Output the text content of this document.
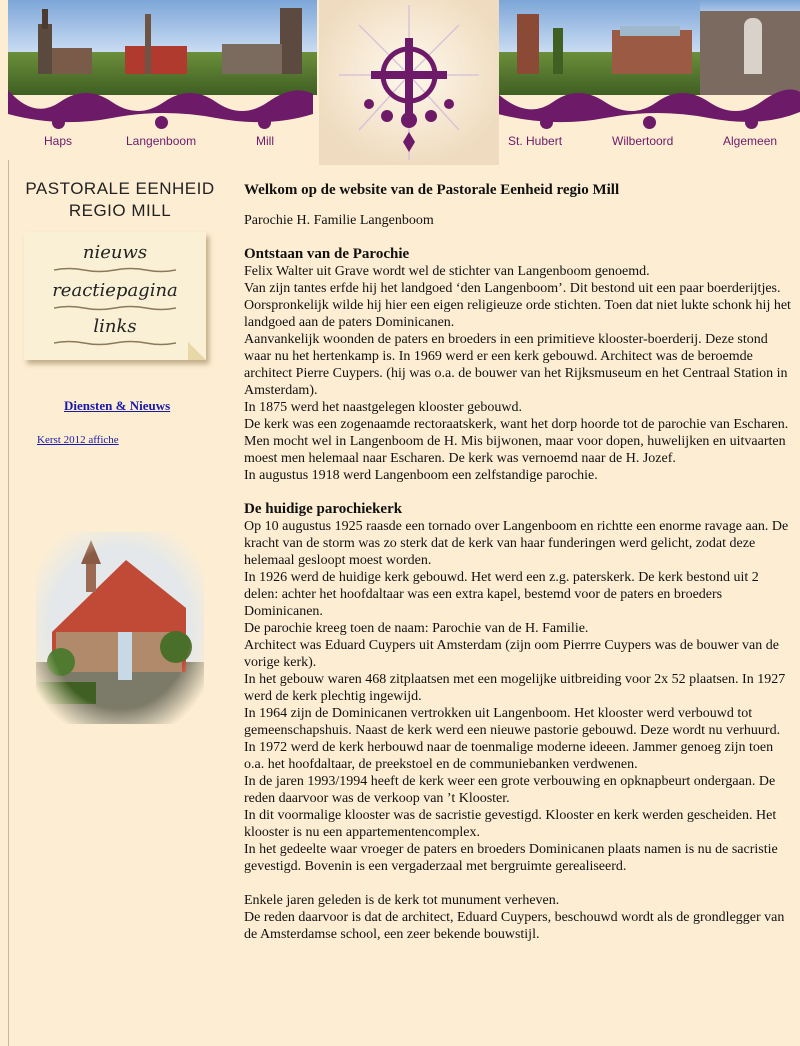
Haps	Langenboom	Mill	St. Hubert	Wilbertoord	Algemeen
PASTORALE EENHEID
REGIO MILL
nieuws
reactiepagina
links
Diensten & Nieuws
Kerst 2012 affiche
Welkom op de website van de Pastorale Eenheid regio Mill

Parochie H. Familie Langenboom

Ontstaan van de Parochie

Felix Walter uit Grave wordt wel de stichter van Langenboom genoemd.

Van zijn tantes erfde hij het landgoed ‘den Langenboom’. Dit bestond uit een paar boerderijtjes. Oorspronkelijk wilde hij hier een eigen religieuze orde stichten. Toen dat niet lukte schonk hij het landgoed aan de paters Dominicanen.

Aanvankelijk woonden de paters en broeders in een primitieve klooster-boerderij. Deze stond waar nu het hertenkamp is. In 1969 werd er een kerk gebouwd. Architect was de beroemde architect Pierre Cuypers. (hij was o.a. de bouwer van het Rijksmuseum en het Centraal Station in Amsterdam).

In 1875 werd het naastgelegen klooster gebouwd.

De kerk was een zogenaamde rectoraatskerk, want het dorp hoorde tot de parochie van Escharen. Men mocht wel in Langenboom de H. Mis bijwonen, maar voor dopen, huwelijken en uitvaarten moest men helemaal naar Escharen. De kerk was vernoemd naar de H. Jozef.

In augustus 1918 werd Langenboom een zelfstandige parochie.

De huidige parochiekerk

Op 10 augustus 1925 raasde een tornado over Langenboom en richtte een enorme ravage aan. De kracht van de storm was zo sterk dat de kerk van haar funderingen werd gelicht, zodat deze helemaal gesloopt moest worden.

In 1926 werd de huidige kerk gebouwd. Het werd een z.g. paterskerk. De kerk bestond uit 2 delen: achter het hoofdaltaar was een extra kapel, bestemd voor de paters en broeders Dominicanen.

De parochie kreeg toen de naam: Parochie van de H. Familie.

Architect was Eduard Cuypers uit Amsterdam (zijn oom Pierrre Cuypers was de bouwer van de vorige kerk).

In het gebouw waren 468 zitplaatsen met een mogelijke uitbreiding voor 2x 52 plaatsen. In 1927 werd de kerk plechtig ingewijd.

In 1964 zijn de Dominicanen vertrokken uit Langenboom. Het klooster werd verbouwd tot gemeenschapshuis. Naast de kerk werd een nieuwe pastorie gebouwd. Deze wordt nu verhuurd.

In 1972 werd de kerk herbouwd naar de toenmalige moderne ideeen. Jammer genoeg zijn toen o.a. het hoofdaltaar, de preekstoel en de communiebanken verdwenen.

In de jaren 1993/1994 heeft de kerk weer een grote verbouwing en opknapbeurt ondergaan. De reden daarvoor was de verkoop van ’t Klooster.

In dit voormalige klooster was de sacristie gevestigd. Klooster en kerk werden gescheiden. Het klooster is nu een appartementencomplex.

In het gedeelte waar vroeger de paters en broeders Dominicanen plaats namen is nu de sacristie gevestigd. Bovenin is een vergaderzaal met bergruimte gerealiseerd.

Enkele jaren geleden is de kerk tot munument verheven.

De reden daarvoor is dat de architect, Eduard Cuypers, beschouwd wordt als de grondlegger van de Amsterdamse school, een zeer bekende bouwstijl.
